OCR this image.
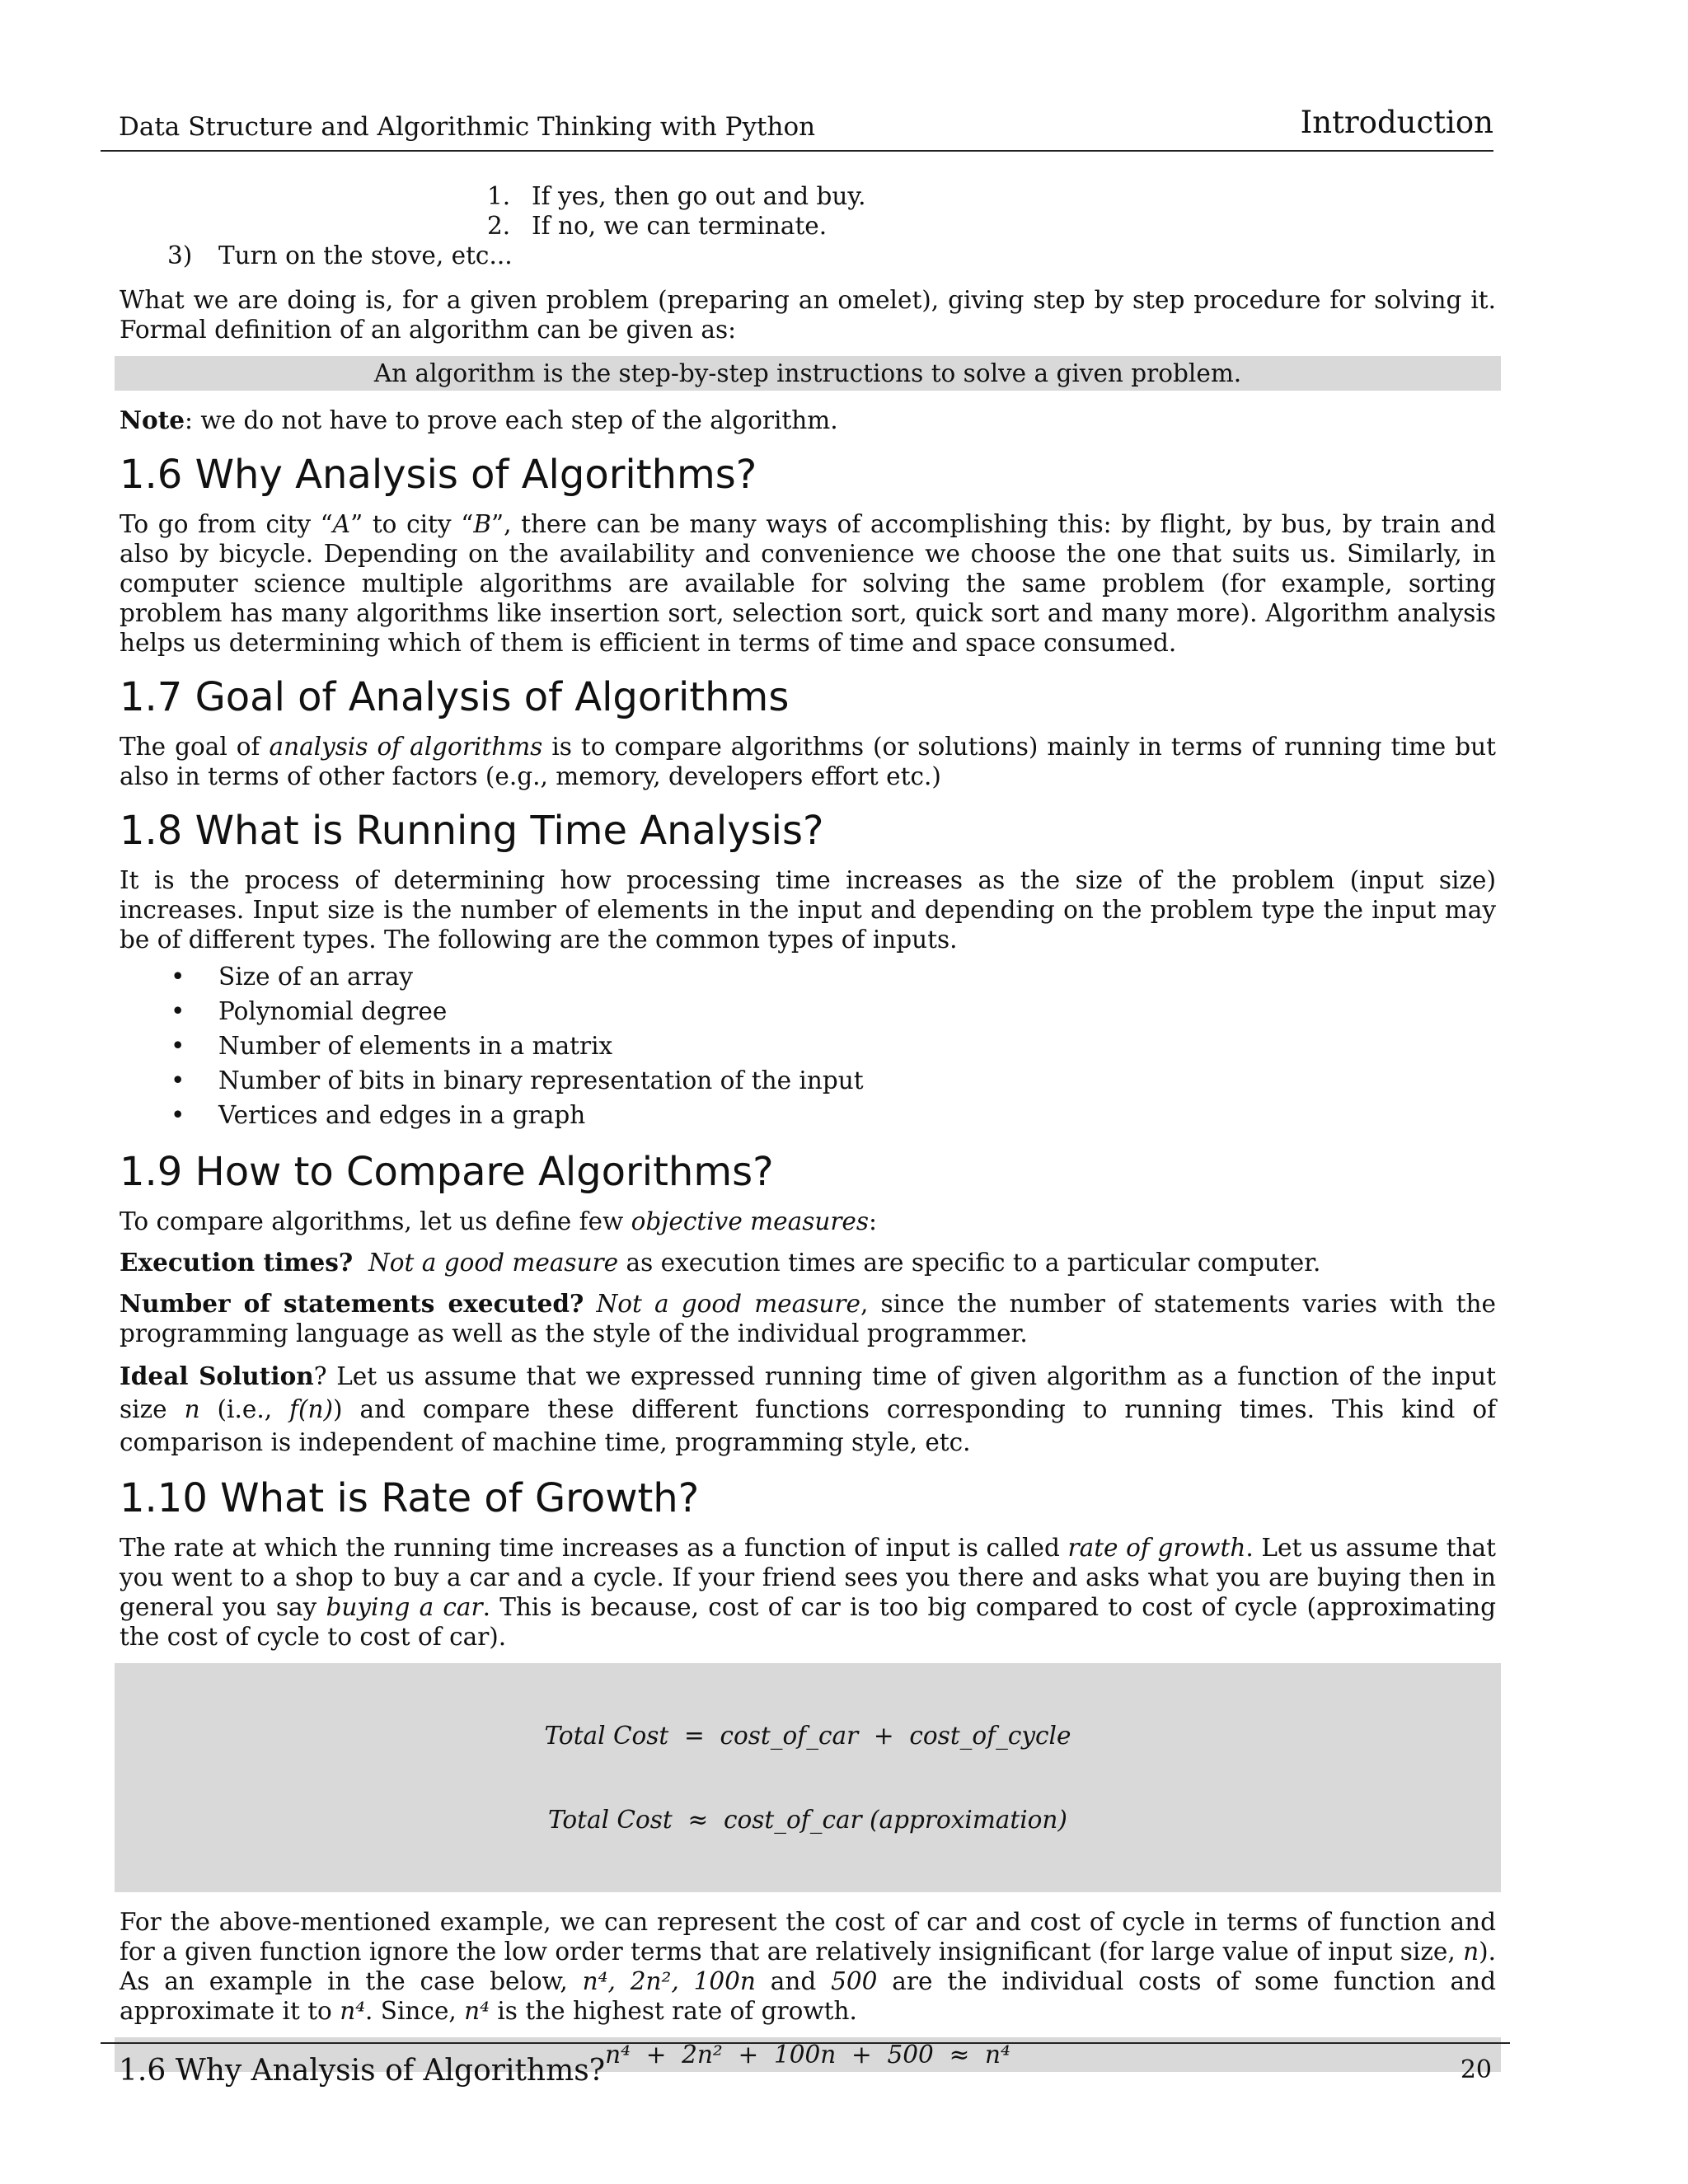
Data Structure and Algorithmic Thinking with Python	Introduction
1. If yes, then go out and buy.
2. If no, we can terminate.
3) Turn on the stove, etc...

What we are doing is, for a given problem (preparing an omelet), giving step by step procedure for solving it. Formal definition of an algorithm can be given as:

An algorithm is the step-by-step instructions to solve a given problem.

Note: we do not have to prove each step of the algorithm.

1.6 Why Analysis of Algorithms?

To go from city “A” to city “B”, there can be many ways of accomplishing this: by flight, by bus, by train and also by bicycle. Depending on the availability and convenience we choose the one that suits us. Similarly, in computer science multiple algorithms are available for solving the same problem (for example, sorting problem has many algorithms like insertion sort, selection sort, quick sort and many more). Algorithm analysis helps us determining which of them is efficient in terms of time and space consumed.

1.7 Goal of Analysis of Algorithms

The goal of analysis of algorithms is to compare algorithms (or solutions) mainly in terms of running time but also in terms of other factors (e.g., memory, developers effort etc.)

1.8 What is Running Time Analysis?

It is the process of determining how processing time increases as the size of the problem (input size) increases. Input size is the number of elements in the input and depending on the problem type the input may be of different types. The following are the common types of inputs.

• Size of an array
• Polynomial degree
• Number of elements in a matrix
• Number of bits in binary representation of the input
• Vertices and edges in a graph
1.9 How to Compare Algorithms?

To compare algorithms, let us define few objective measures:

Execution times? Not a good measure as execution times are specific to a particular computer.

Number of statements executed? Not a good measure, since the number of statements varies with the programming language as well as the style of the individual programmer.

Ideal Solution? Let us assume that we expressed running time of given algorithm as a function of the input size n (i.e., f(n)) and compare these different functions corresponding to running times. This kind of comparison is independent of machine time, programming style, etc.

1.10 What is Rate of Growth?

The rate at which the running time increases as a function of input is called rate of growth. Let us assume that you went to a shop to buy a car and a cycle. If your friend sees you there and asks what you are buying then in general you say buying a car. This is because, cost of car is too big compared to cost of cycle (approximating the cost of cycle to cost of car).

Total Cost  =  cost_of_car  +  cost_of_cycle

Total Cost  ≈  cost_of_car (approximation)

For the above-mentioned example, we can represent the cost of car and cost of cycle in terms of function and for a given function ignore the low order terms that are relatively insignificant (for large value of input size, n). As an example in the case below, n⁴, 2n², 100n and 500 are the individual costs of some function and approximate it to n⁴. Since, n⁴ is the highest rate of growth.

n⁴  +  2n²  +  100n  +  500  ≈  n⁴
1.6 Why Analysis of Algorithms?	20
